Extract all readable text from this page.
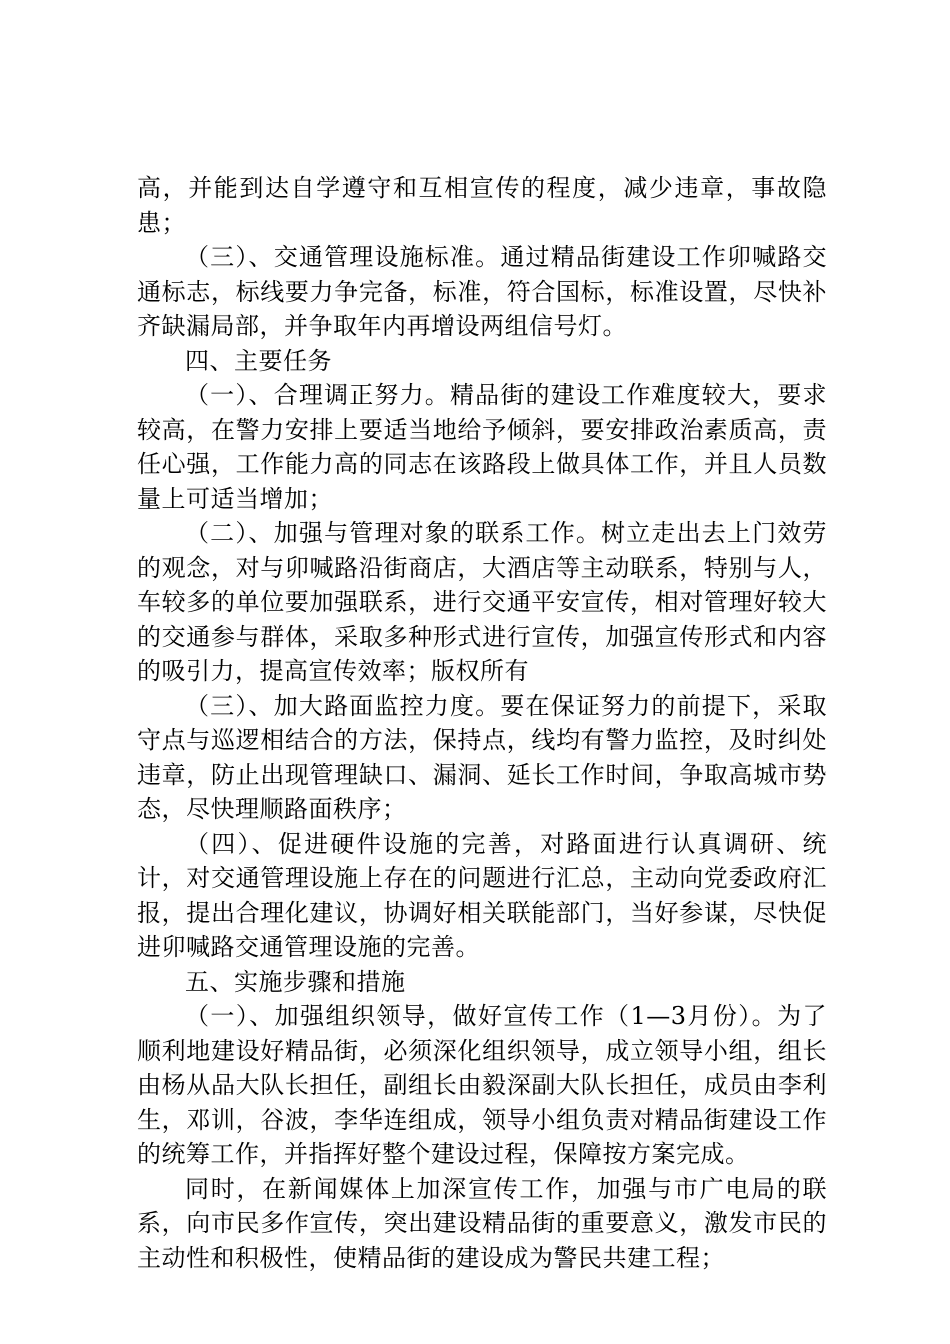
高，并能到达自学遵守和互相宣传的程度，减少违章，事故隐患；

（三）、交通管理设施标准。通过精品街建设工作卯喊路交通标志，标线要力争完备，标准，符合国标，标准设置，尽快补齐缺漏局部，并争取年内再增设两组信号灯。

四、主要任务

（一）、合理调正努力。精品街的建设工作难度较大，要求较高，在警力安排上要适当地给予倾斜，要安排政治素质高，责任心强，工作能力高的同志在该路段上做具体工作，并且人员数量上可适当增加；

（二）、加强与管理对象的联系工作。树立走出去上门效劳的观念，对与卯喊路沿街商店，大酒店等主动联系，特别与人，车较多的单位要加强联系，进行交通平安宣传，相对管理好较大的交通参与群体，采取多种形式进行宣传，加强宣传形式和内容的吸引力，提高宣传效率；版权所有

（三）、加大路面监控力度。要在保证努力的前提下，采取守点与巡逻相结合的方法，保持点，线均有警力监控，及时纠处违章，防止出现管理缺口、漏洞、延长工作时间，争取高城市势态，尽快理顺路面秩序；

（四）、促进硬件设施的完善，对路面进行认真调研、统计，对交通管理设施上存在的问题进行汇总，主动向党委政府汇报，提出合理化建议，协调好相关联能部门，当好参谋，尽快促进卯喊路交通管理设施的完善。

五、实施步骤和措施

（一）、加强组织领导，做好宣传工作（1—3月份）。为了顺利地建设好精品街，必须深化组织领导，成立领导小组，组长由杨从品大队长担任，副组长由毅深副大队长担任，成员由李利生，邓训，谷波，李华连组成，领导小组负责对精品街建设工作的统筹工作，并指挥好整个建设过程，保障按方案完成。

同时，在新闻媒体上加深宣传工作，加强与市广电局的联系，向市民多作宣传，突出建设精品街的重要意义，激发市民的主动性和积极性，使精品街的建设成为警民共建工程；
